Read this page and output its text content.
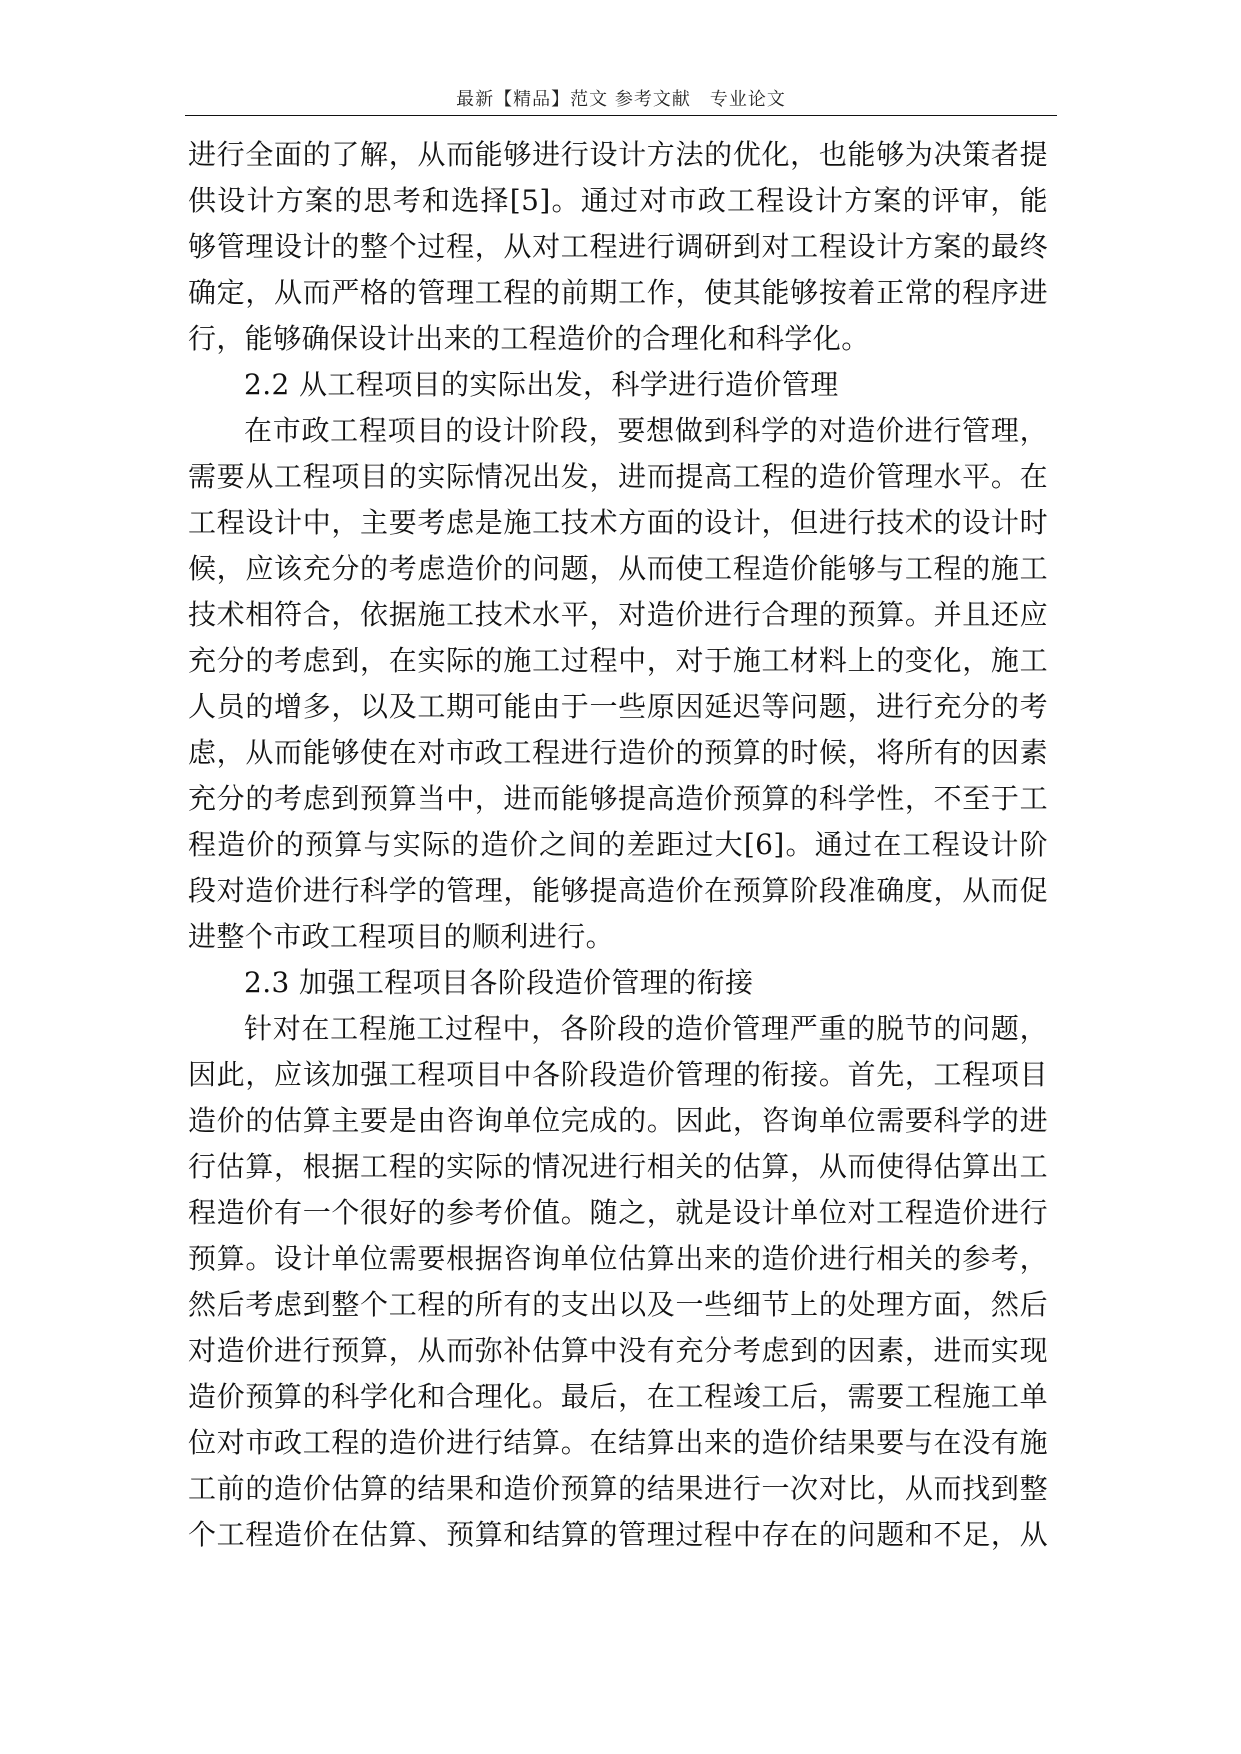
最新【精品】范文 参考文献　专业论文
进行全面的了解，从而能够进行设计方法的优化，也能够为决策者提
供设计方案的思考和选择[5]。通过对市政工程设计方案的评审，能
够管理设计的整个过程，从对工程进行调研到对工程设计方案的最终
确定，从而严格的管理工程的前期工作，使其能够按着正常的程序进
行，能够确保设计出来的工程造价的合理化和科学化。
2.2 从工程项目的实际出发，科学进行造价管理
在市政工程项目的设计阶段，要想做到科学的对造价进行管理，
需要从工程项目的实际情况出发，进而提高工程的造价管理水平。在
工程设计中，主要考虑是施工技术方面的设计，但进行技术的设计时
候，应该充分的考虑造价的问题，从而使工程造价能够与工程的施工
技术相符合，依据施工技术水平，对造价进行合理的预算。并且还应
充分的考虑到，在实际的施工过程中，对于施工材料上的变化，施工
人员的增多，以及工期可能由于一些原因延迟等问题，进行充分的考
虑，从而能够使在对市政工程进行造价的预算的时候，将所有的因素
充分的考虑到预算当中，进而能够提高造价预算的科学性，不至于工
程造价的预算与实际的造价之间的差距过大[6]。通过在工程设计阶
段对造价进行科学的管理，能够提高造价在预算阶段准确度，从而促
进整个市政工程项目的顺利进行。
2.3 加强工程项目各阶段造价管理的衔接
针对在工程施工过程中，各阶段的造价管理严重的脱节的问题，
因此，应该加强工程项目中各阶段造价管理的衔接。首先，工程项目
造价的估算主要是由咨询单位完成的。因此，咨询单位需要科学的进
行估算，根据工程的实际的情况进行相关的估算，从而使得估算出工
程造价有一个很好的参考价值。随之，就是设计单位对工程造价进行
预算。设计单位需要根据咨询单位估算出来的造价进行相关的参考，
然后考虑到整个工程的所有的支出以及一些细节上的处理方面，然后
对造价进行预算，从而弥补估算中没有充分考虑到的因素，进而实现
造价预算的科学化和合理化。最后，在工程竣工后，需要工程施工单
位对市政工程的造价进行结算。在结算出来的造价结果要与在没有施
工前的造价估算的结果和造价预算的结果进行一次对比，从而找到整
个工程造价在估算、预算和结算的管理过程中存在的问题和不足，从
